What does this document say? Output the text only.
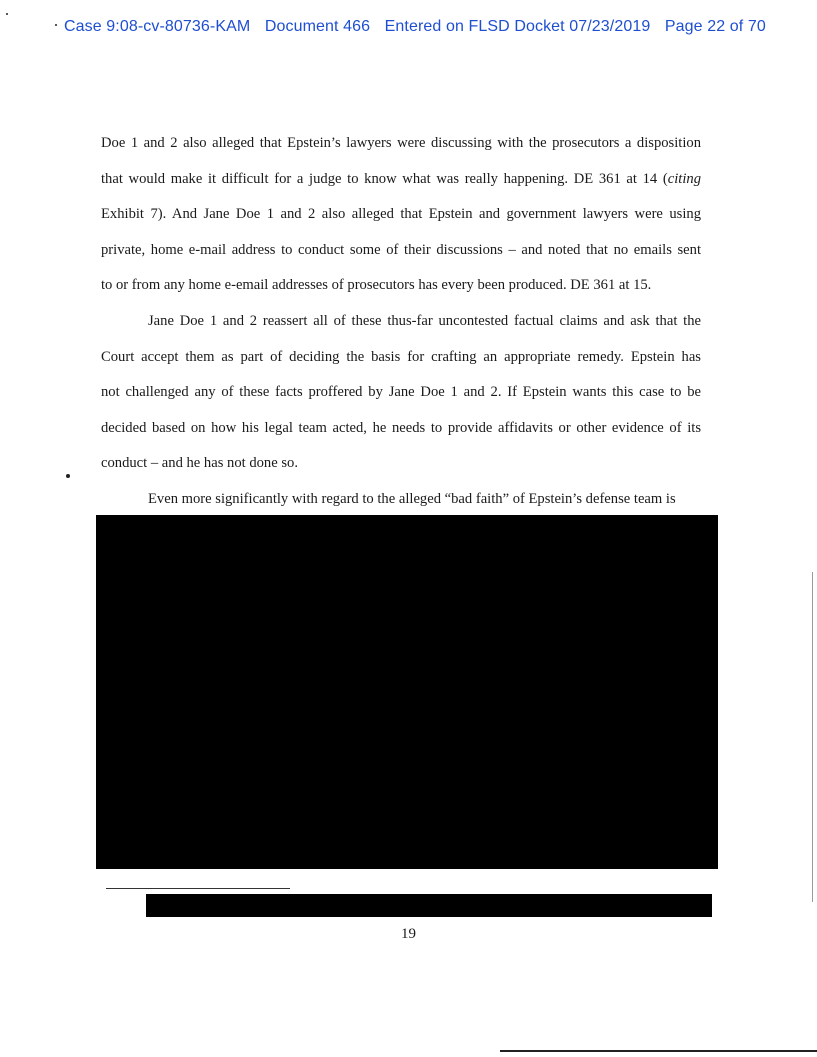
Case 9:08-cv-80736-KAM Document 466 Entered on FLSD Docket 07/23/2019 Page 22 of 70
Doe 1 and 2 also alleged that Epstein’s lawyers were discussing with the prosecutors a disposition
that would make it difficult for a judge to know what was really happening. DE 361 at 14 (citing
Exhibit 7). And Jane Doe 1 and 2 also alleged that Epstein and government lawyers were using
private, home e-mail address to conduct some of their discussions – and noted that no emails sent
to or from any home e-email addresses of prosecutors has every been produced. DE 361 at 15.
Jane Doe 1 and 2 reassert all of these thus-far uncontested factual claims and ask that the
Court accept them as part of deciding the basis for crafting an appropriate remedy. Epstein has
not challenged any of these facts proffered by Jane Doe 1 and 2. If Epstein wants this case to be
decided based on how his legal team acted, he needs to provide affidavits or other evidence of its
conduct – and he has not done so.
Even more significantly with regard to the alleged “bad faith” of Epstein’s defense team is
19
